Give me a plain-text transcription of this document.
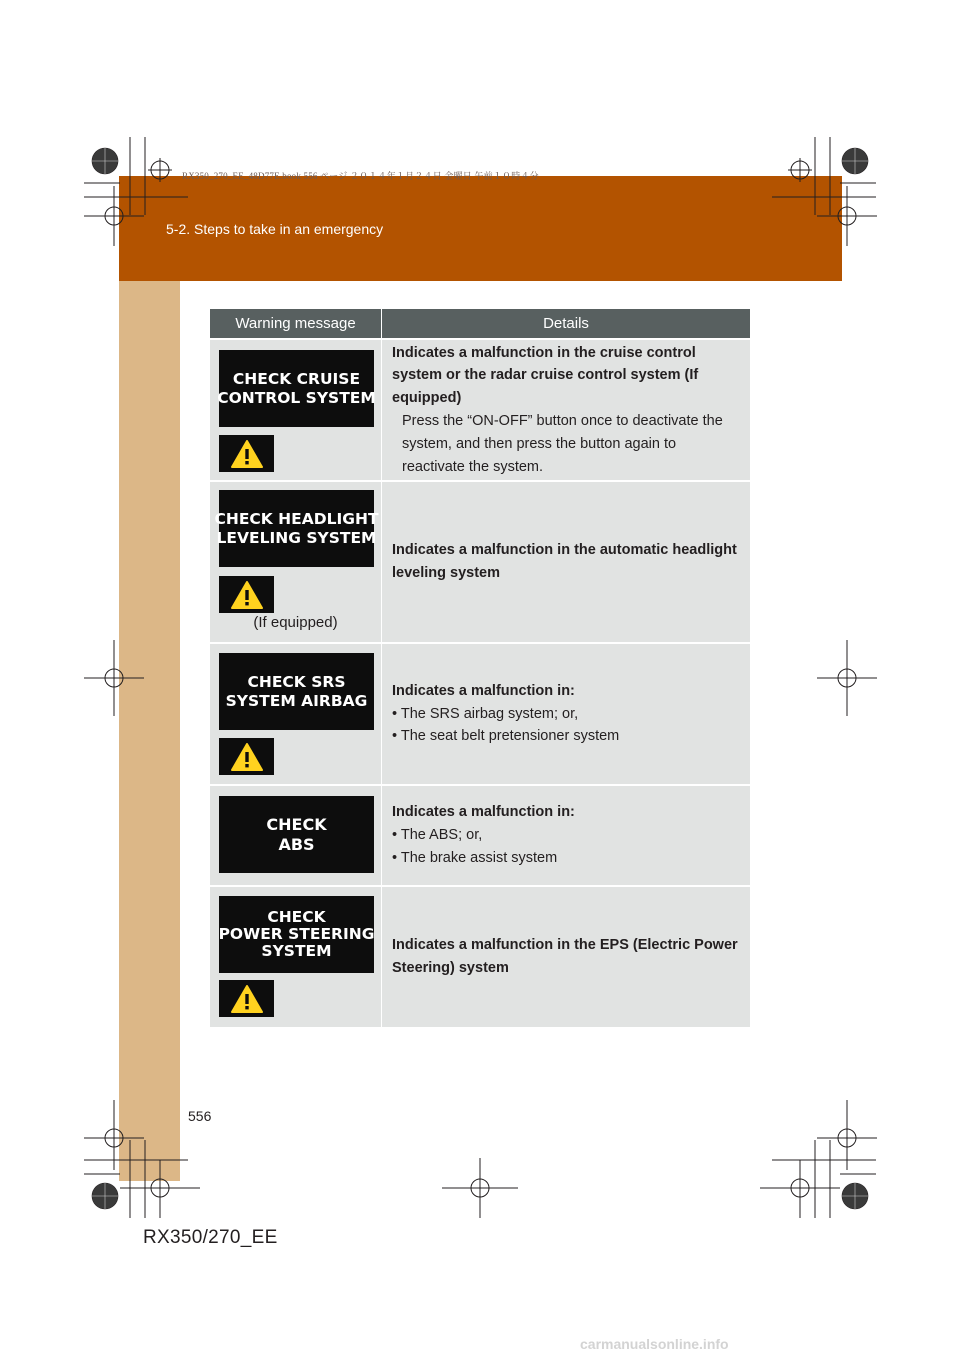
RX350_270_EE_48D77E.book 556 ページ ２０１４年１月２４日 金曜日 午前１０時４分
5-2. Steps to take in an emergency
Warning message	Details

CHECK CRUISE
CONTROL SYSTEM	Indicates a malfunction in the cruise control system or the radar cruise control system (If equipped)
Press the “ON-OFF” button once to deactivate the system, and then press the button again to reactivate the system.

CHECK HEADLIGHT
LEVELING SYSTEM
(If equipped)	Indicates a malfunction in the automatic headlight leveling system

CHECK SRS
SYSTEM AIRBAG	Indicates a malfunction in:
• The SRS airbag system; or,
• The seat belt pretensioner system

CHECK
ABS	Indicates a malfunction in:
• The ABS; or,
• The brake assist system

CHECK
POWER STEERING
SYSTEM	Indicates a malfunction in the EPS (Electric Power Steering) system
556
RX350/270_EE
carmanualsonline.info
